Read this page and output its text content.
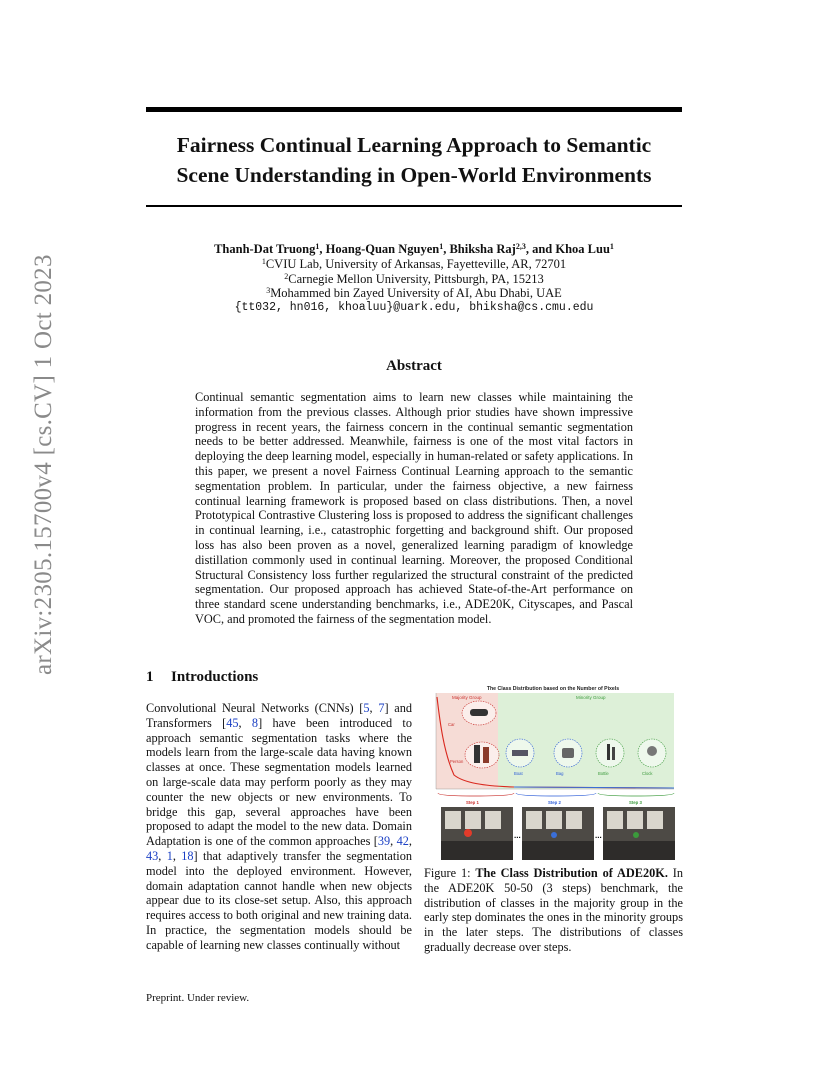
arXiv:2305.15700v4 [cs.CV] 1 Oct 2023
Fairness Continual Learning Approach to Semantic
Scene Understanding in Open-World Environments
Thanh-Dat Truong$^1$, Hoang-Quan Nguyen$^1$, Bhiksha Raj$^{2,3}$, and Khoa Luu$^1$
$^1$CVIU Lab, University of Arkansas, Fayetteville, AR, 72701
$^2$Carnegie Mellon University, Pittsburgh, PA, 15213
$^3$Mohammed bin Zayed University of AI, Abu Dhabi, UAE
{tt032, hn016, khoaluu}@uark.edu, bhiksha@cs.cmu.edu
Abstract
Continual semantic segmentation aims to learn new classes while maintaining the information from the previous classes. Although prior studies have shown impressive progress in recent years, the fairness concern in the continual semantic segmentation needs to be better addressed. Meanwhile, fairness is one of the most vital factors in deploying the deep learning model, especially in human-related or safety applications. In this paper, we present a novel Fairness Continual Learning approach to the semantic segmentation problem. In particular, under the fairness objective, a new fairness continual learning framework is proposed based on class distributions. Then, a novel Prototypical Contrastive Clustering loss is proposed to address the significant challenges in continual learning, i.e., catastrophic forgetting and background shift. Our proposed loss has also been proven as a novel, generalized learning paradigm of knowledge distillation commonly used in continual learning. Moreover, the proposed Conditional Structural Consistency loss further regularized the structural constraint of the predicted segmentation. Our proposed approach has achieved State-of-the-Art performance on three standard scene understanding benchmarks, i.e., ADE20K, Cityscapes, and Pascal VOC, and promoted the fairness of the segmentation model.
1 Introductions
Convolutional Neural Networks (CNNs) [5, 7] and Transformers [45, 8] have been introduced to approach semantic segmentation tasks where the models learn from the large-scale data having known classes at once. These segmentation models learned on large-scale data may perform poorly as they may counter the new objects or new environments. To bridge this gap, several approaches have been proposed to adapt the model to the new data. Domain Adaptation is one of the common approaches [39, 42, 43, 1, 18] that adaptively transfer the segmentation model into the deployed environment. However, domain adaptation cannot handle when new objects appear due to its close-set setup. Also, this approach requires access to both original and new training data. In practice, the segmentation models should be capable of learning new classes continually without
The Class Distribution based on the Number of Pixels
Majority Group	Minority Group
Car
Person
Boat	Bag	Bottle	Clock
Step 1	Step 2	Step 3
...	...
Figure 1: The Class Distribution of ADE20K. In the ADE20K 50-50 (3 steps) benchmark, the distribution of classes in the majority group in the early step dominates the ones in the minority groups in the later steps. The distributions of classes gradually decrease over steps.
Preprint. Under review.
